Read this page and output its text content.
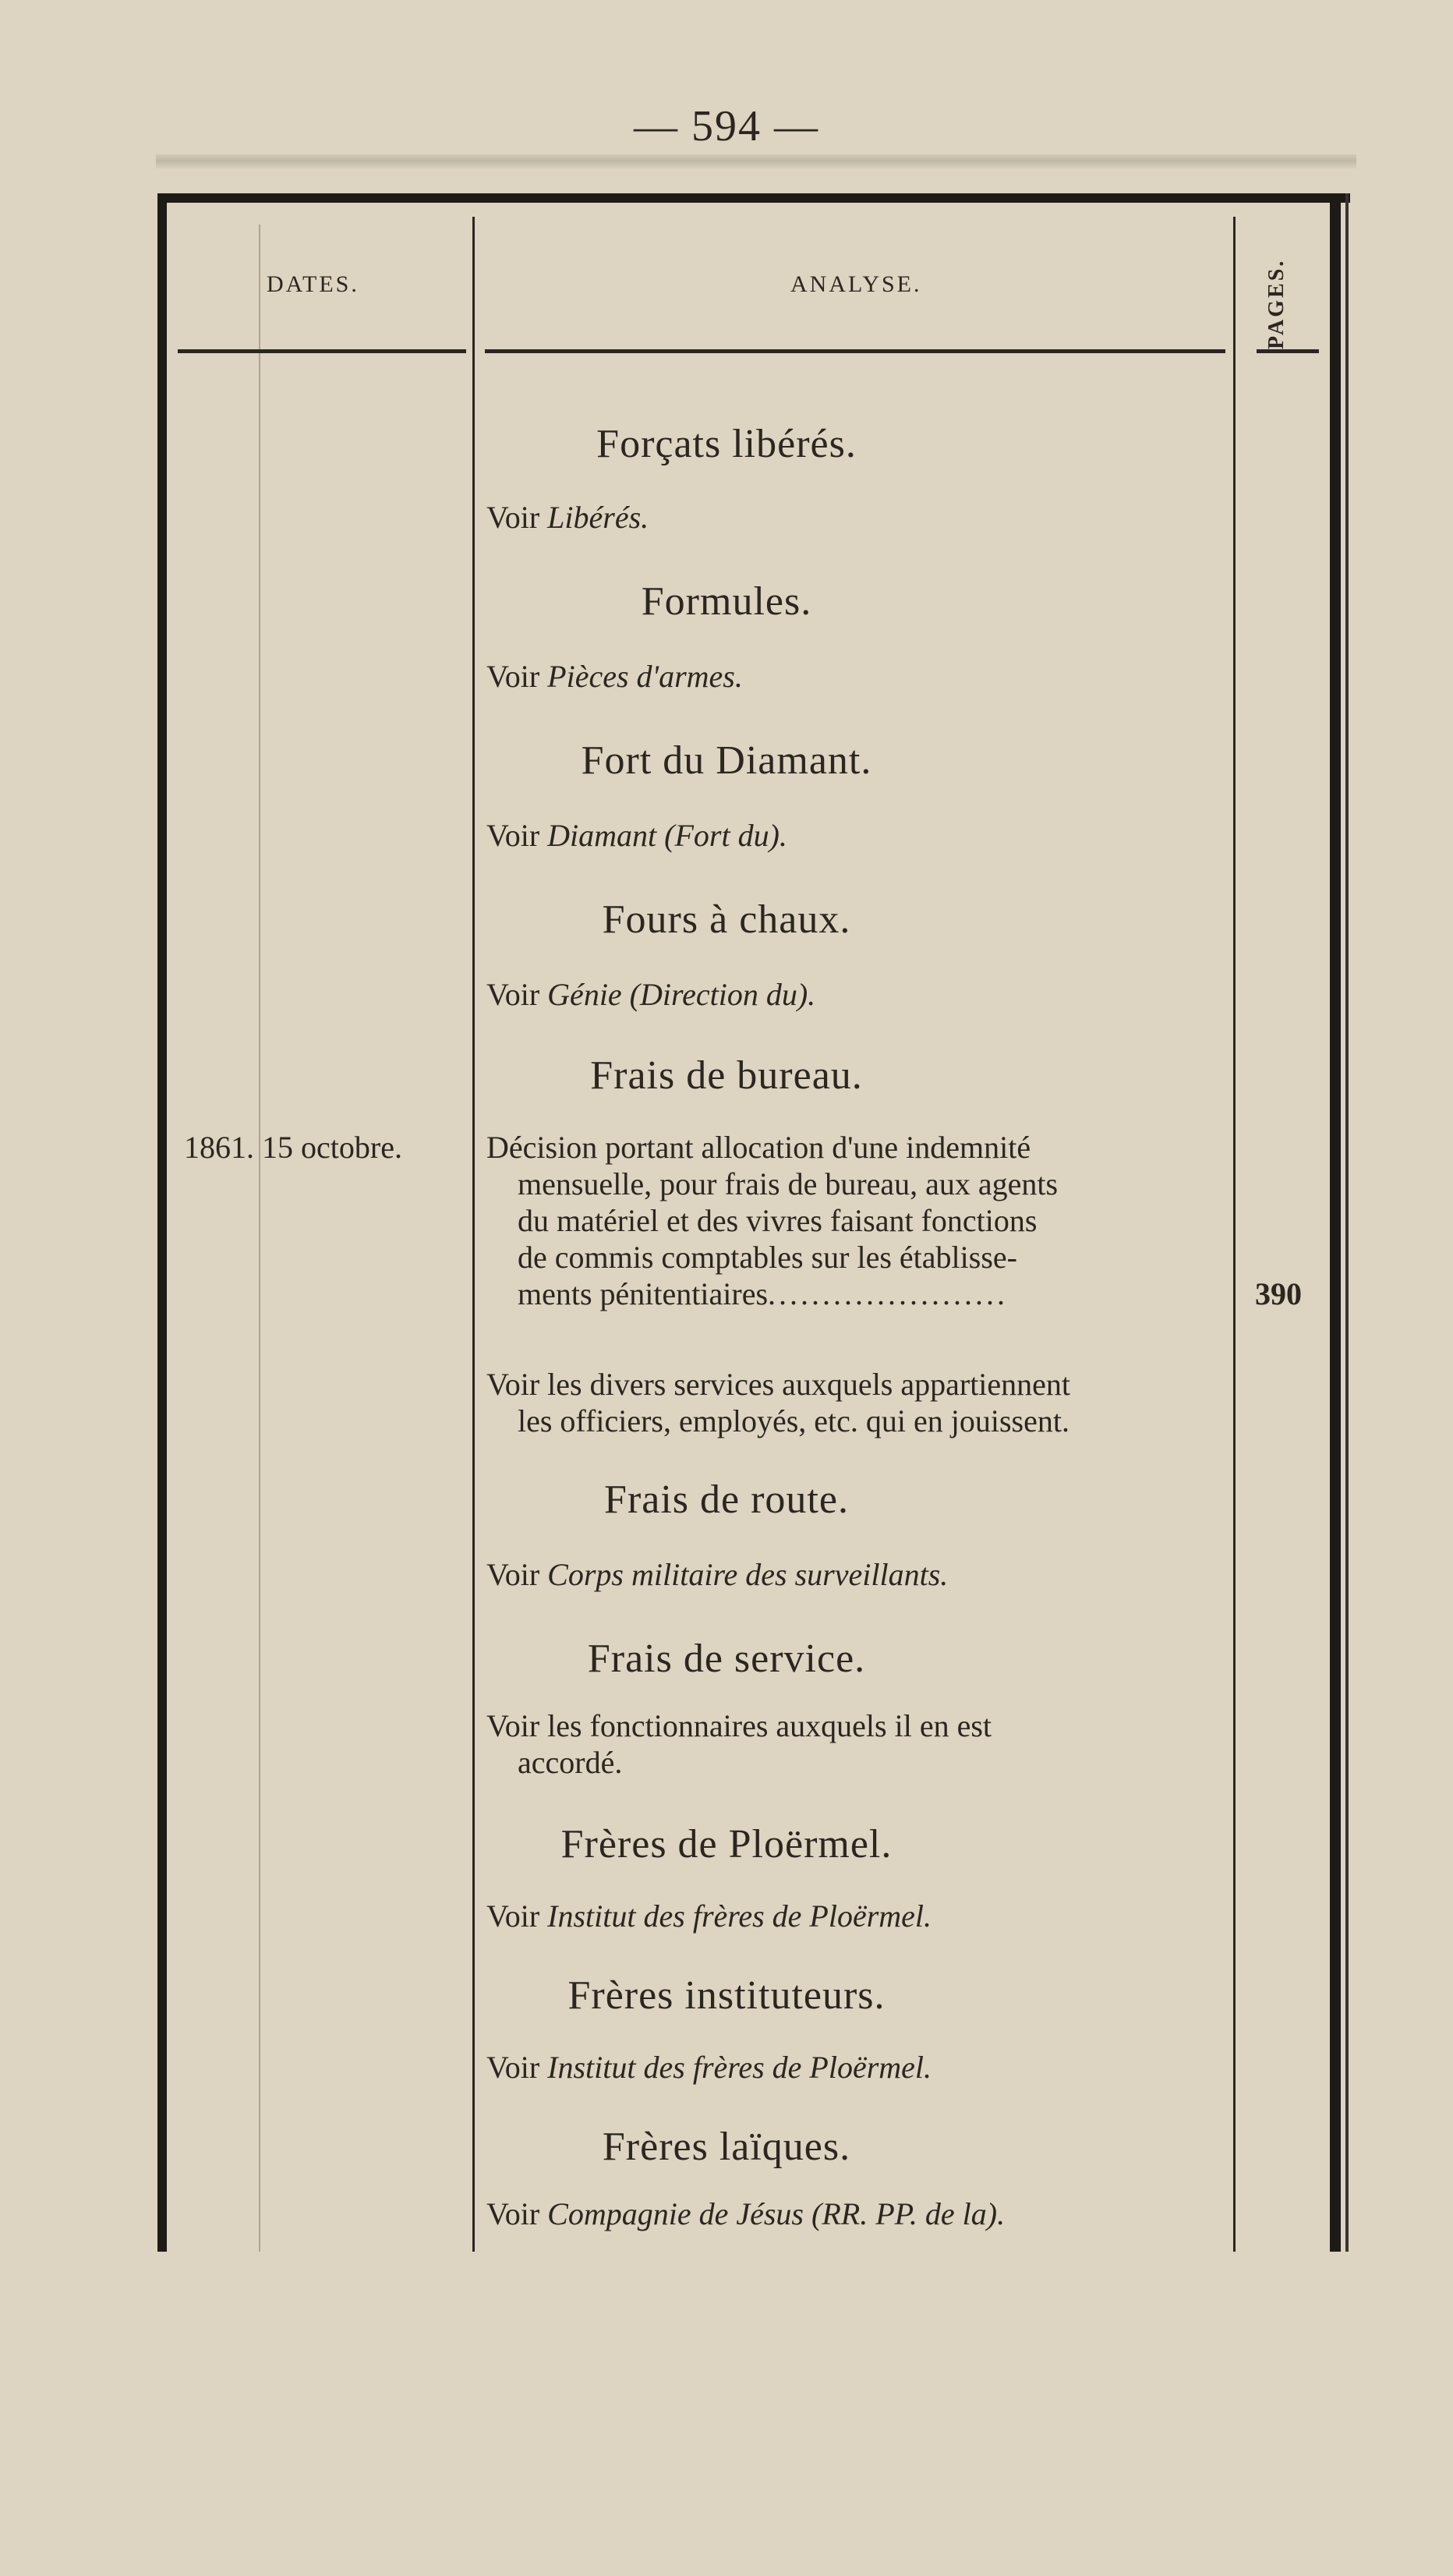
— 594 —
DATES.	ANALYSE.	PAGES.
Forçats libérés.
Voir Libérés.
Formules.
Voir Pièces d'armes.
Fort du Diamant.
Voir Diamant (Fort du).
Fours à chaux.
Voir Génie (Direction du).
Frais de bureau.
1861. 15 octobre.	Décision portant allocation d'une indemnité
mensuelle, pour frais de bureau, aux agents
du matériel et des vivres faisant fonctions
de commis comptables sur les établisse-
ments pénitentiaires......................	390
Voir les divers services auxquels appartiennent
les officiers, employés, etc. qui en jouissent.
Frais de route.
Voir Corps militaire des surveillants.
Frais de service.
Voir les fonctionnaires auxquels il en est
accordé.
Frères de Ploërmel.
Voir Institut des frères de Ploërmel.
Frères instituteurs.
Voir Institut des frères de Ploërmel.
Frères laïques.
Voir Compagnie de Jésus (RR. PP. de la).
